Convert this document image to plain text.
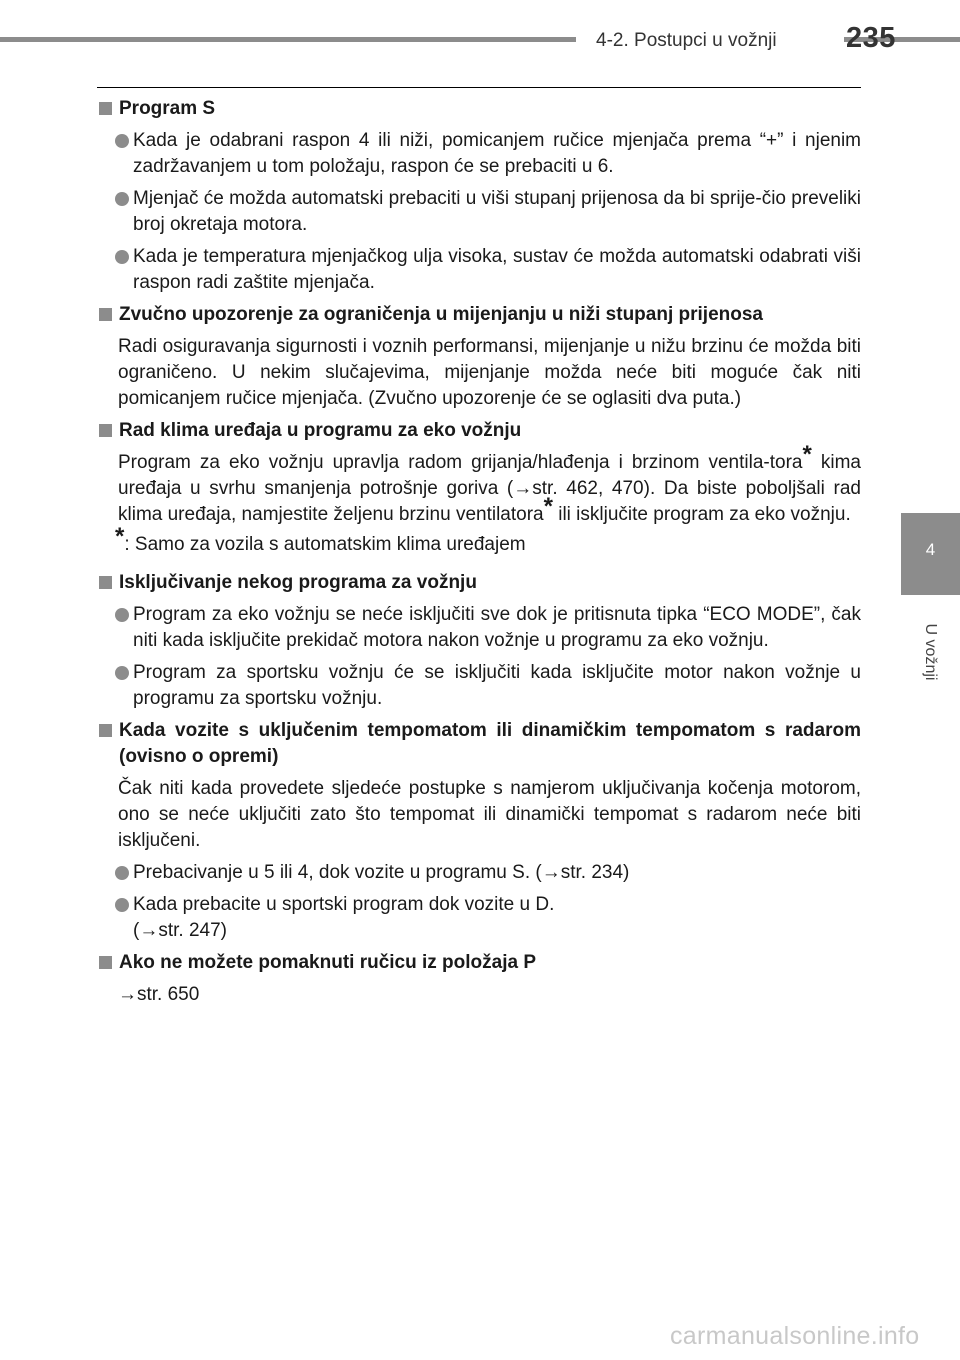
4-2. Postupci u vožnji 235
4
U vožnji
Program S
Kada je odabrani raspon 4 ili niži, pomicanjem ručice mjenjača prema “+” i njenim zadržavanjem u tom položaju, raspon će se prebaciti u 6.
Mjenjač će možda automatski prebaciti u viši stupanj prijenosa da bi sprije-čio preveliki broj okretaja motora.
Kada je temperatura mjenjačkog ulja visoka, sustav će možda automatski odabrati viši raspon radi zaštite mjenjača.
Zvučno upozorenje za ograničenja u mijenjanju u niži stupanj prijenosa
Radi osiguravanja sigurnosti i voznih performansi, mijenjanje u nižu brzinu će možda biti ograničeno. U nekim slučajevima, mijenjanje možda neće biti moguće čak niti pomicanjem ručice mjenjača. (Zvučno upozorenje će se oglasiti dva puta.)
Rad klima uređaja u programu za eko vožnju
Program za eko vožnju upravlja radom grijanja/hlađenja i brzinom ventila-tora* kima uređaja u svrhu smanjenja potrošnje goriva (→str. 462, 470). Da biste poboljšali rad klima uređaja, namjestite željenu brzinu ventilatora* ili isključite program za eko vožnju.
*: Samo za vozila s automatskim klima uređajem
Isključivanje nekog programa za vožnju
Program za eko vožnju se neće isključiti sve dok je pritisnuta tipka “ECO MODE”, čak niti kada isključite prekidač motora nakon vožnje u programu za eko vožnju.
Program za sportsku vožnju će se isključiti kada isključite motor nakon vožnje u programu za sportsku vožnju.
Kada vozite s uključenim tempomatom ili dinamičkim tempomatom s radarom (ovisno o opremi)
Čak niti kada provedete sljedeće postupke s namjerom uključivanja kočenja motorom, ono se neće uključiti zato što tempomat ili dinamički tempomat s radarom neće biti isključeni.
Prebacivanje u 5 ili 4, dok vozite u programu S. (→str. 234)
Kada prebacite u sportski program dok vozite u D.
(→str. 247)
Ako ne možete pomaknuti ručicu iz položaja P
→str. 650
carmanualsonline.info
